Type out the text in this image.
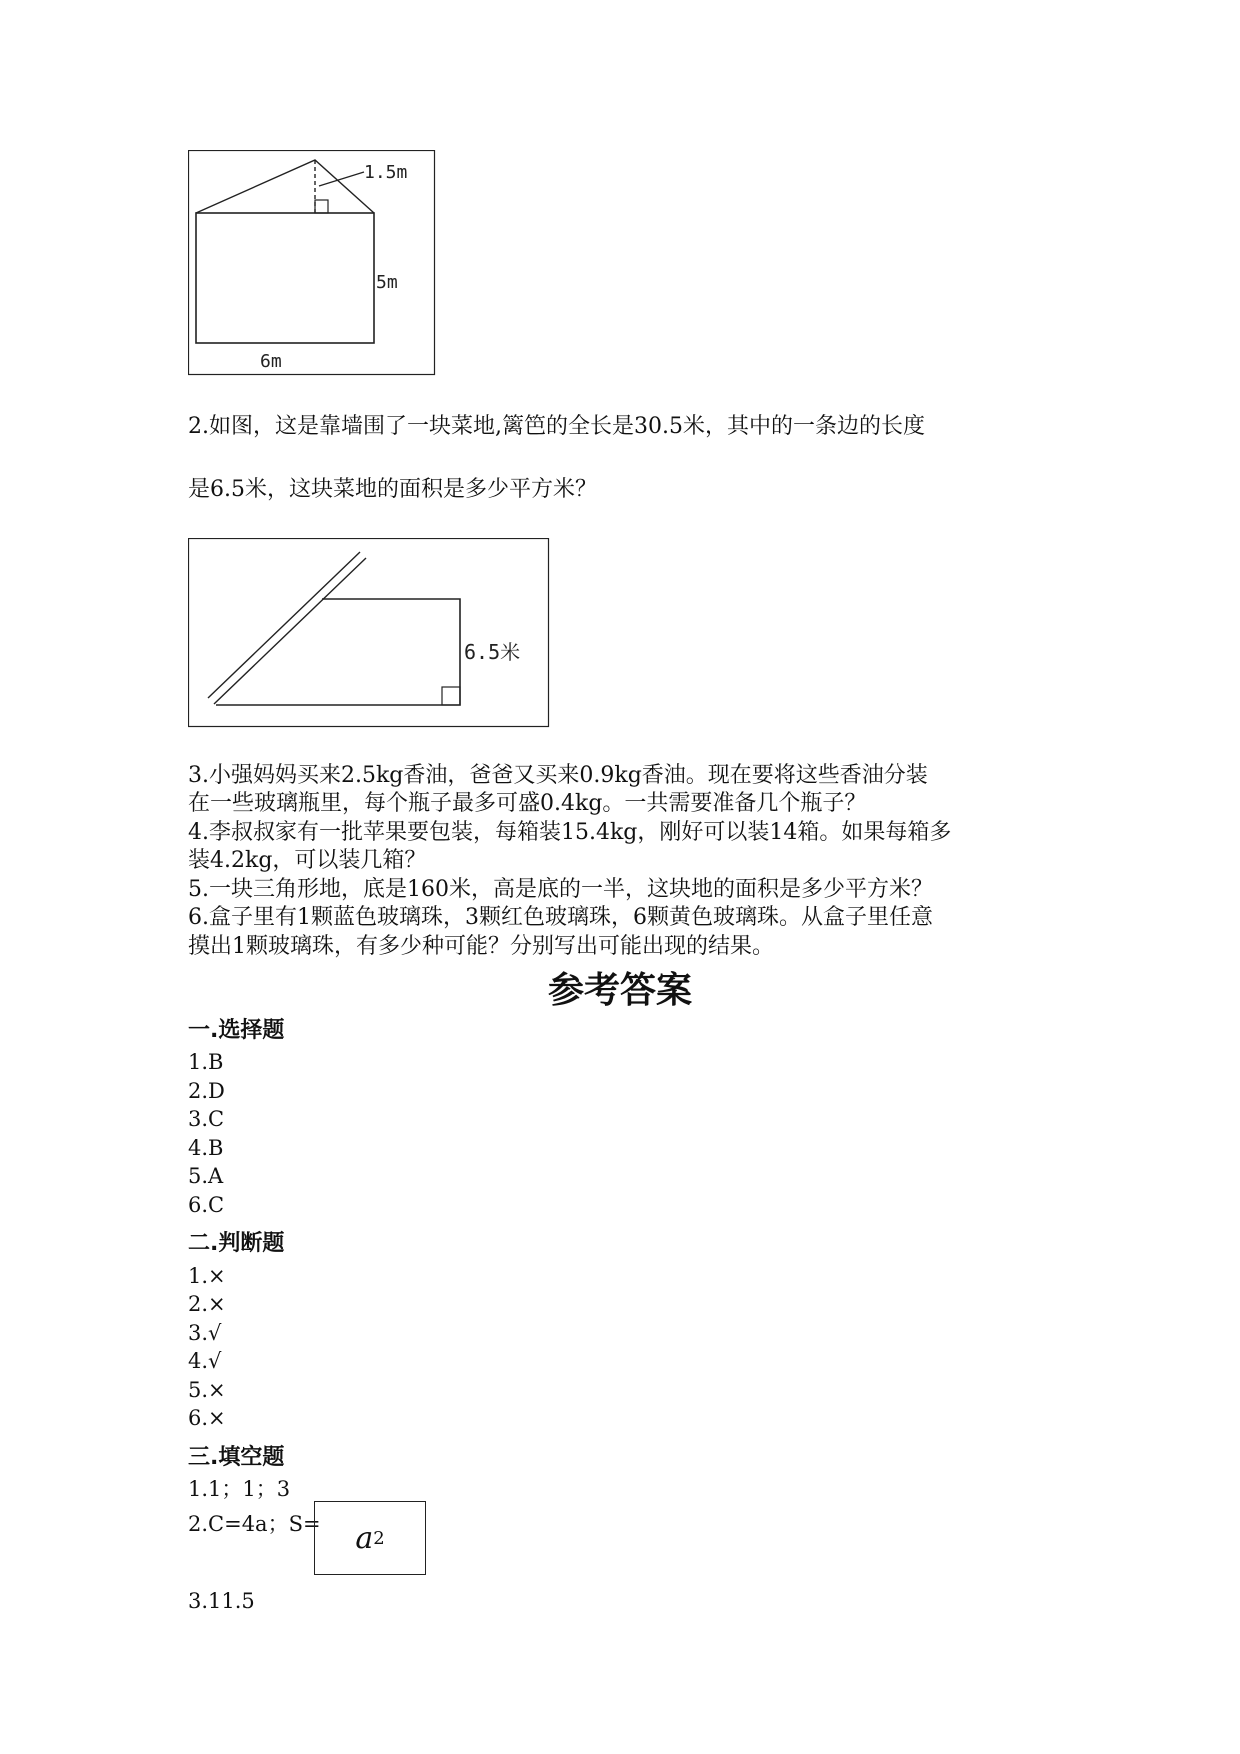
1.5m
5m
6m
2.如图，这是靠墙围了一块菜地,篱笆的全长是30.5米，其中的一条边的长度
是6.5米，这块菜地的面积是多少平方米？
6.5米
3.小强妈妈买来2.5kg香油，爸爸又买来0.9kg香油。现在要将这些香油分装
在一些玻璃瓶里，每个瓶子最多可盛0.4kg。一共需要准备几个瓶子？
4.李叔叔家有一批苹果要包装，每箱装15.4kg，刚好可以装14箱。如果每箱多
装4.2kg，可以装几箱？
5.一块三角形地，底是160米，高是底的一半，这块地的面积是多少平方米？
6.盒子里有1颗蓝色玻璃珠，3颗红色玻璃珠，6颗黄色玻璃珠。从盒子里任意
摸出1颗玻璃珠，有多少种可能？分别写出可能出现的结果。
参考答案
一.选择题
1.B
2.D
3.C
4.B
5.A
6.C
二.判断题
1.×
2.×
3.√
4.√
5.×
6.×
三.填空题
1.1；1；3
2.C=4a；S= a 2
3.11.5
